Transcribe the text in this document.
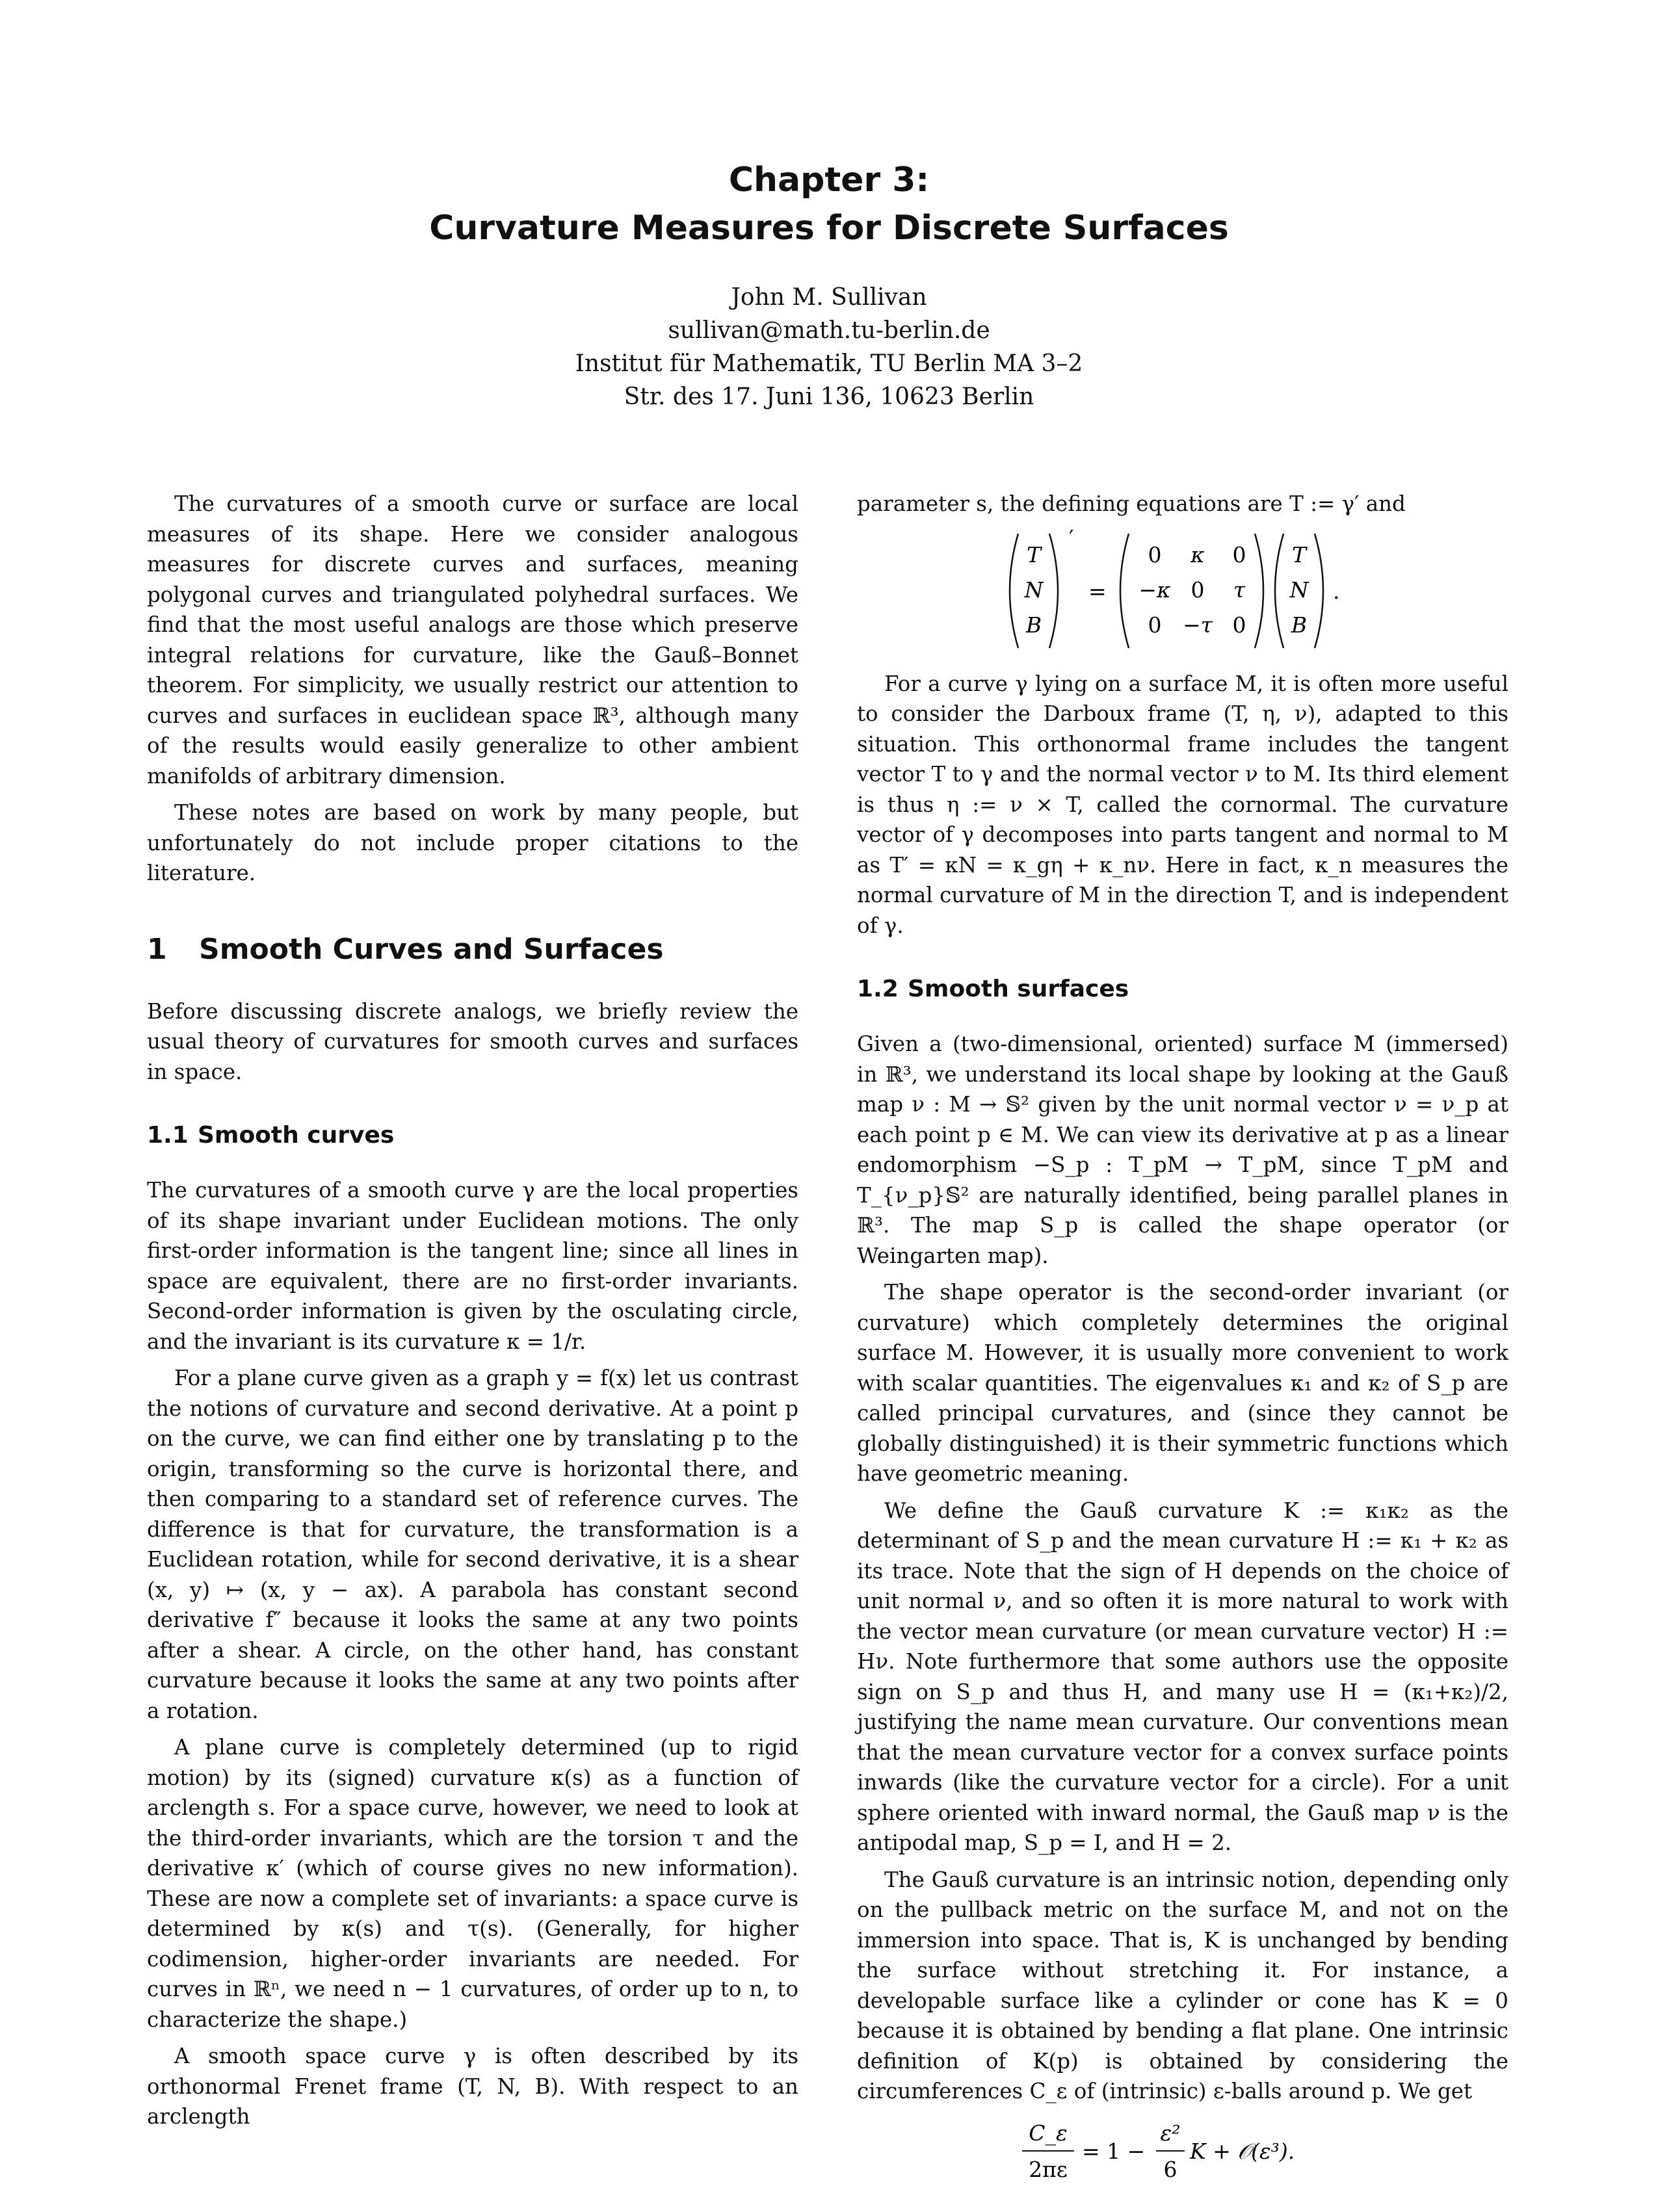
Chapter 3:
Curvature Measures for Discrete Surfaces
John M. Sullivan
sullivan@math.tu-berlin.de
Institut für Mathematik, TU Berlin MA 3–2
Str. des 17. Juni 136, 10623 Berlin

The curvatures of a smooth curve or surface are local measures of its shape. Here we consider analogous measures for discrete curves and surfaces, meaning polygonal curves and triangulated polyhedral surfaces. We find that the most useful analogs are those which preserve integral relations for curvature, like the Gauß–Bonnet theorem. For simplicity, we usually restrict our attention to curves and surfaces in euclidean space ℝ³, although many of the results would easily generalize to other ambient manifolds of arbitrary dimension.

These notes are based on work by many people, but unfortunately do not include proper citations to the literature.

1 Smooth Curves and Surfaces

Before discussing discrete analogs, we briefly review the usual theory of curvatures for smooth curves and surfaces in space.

1.1 Smooth curves

The curvatures of a smooth curve γ are the local properties of its shape invariant under Euclidean motions. The only first-order information is the tangent line; since all lines in space are equivalent, there are no first-order invariants. Second-order information is given by the osculating circle, and the invariant is its curvature κ = 1/r.

For a plane curve given as a graph y = f(x) let us contrast the notions of curvature and second derivative. At a point p on the curve, we can find either one by translating p to the origin, transforming so the curve is horizontal there, and then comparing to a standard set of reference curves. The difference is that for curvature, the transformation is a Euclidean rotation, while for second derivative, it is a shear (x, y) ↦ (x, y − ax). A parabola has constant second derivative f″ because it looks the same at any two points after a shear. A circle, on the other hand, has constant curvature because it looks the same at any two points after a rotation.

A plane curve is completely determined (up to rigid motion) by its (signed) curvature κ(s) as a function of arclength s. For a space curve, however, we need to look at the third-order invariants, which are the torsion τ and the derivative κ′ (which of course gives no new information). These are now a complete set of invariants: a space curve is determined by κ(s) and τ(s). (Generally, for higher codimension, higher-order invariants are needed. For curves in ℝⁿ, we need n − 1 curvatures, of order up to n, to characterize the shape.)

A smooth space curve γ is often described by its orthonormal Frenet frame (T, N, B). With respect to an arclength

parameter s, the defining equations are T := γ′ and

T
N
B
′
=
0 κ 0
−κ 0 τ
0 −τ 0
T
N
B
.

For a curve γ lying on a surface M, it is often more useful to consider the Darboux frame (T, η, ν), adapted to this situation. This orthonormal frame includes the tangent vector T to γ and the normal vector ν to M. Its third element is thus η := ν × T, called the cornormal. The curvature vector of γ decomposes into parts tangent and normal to M as T′ = κN = κ_gη + κ_nν. Here in fact, κ_n measures the normal curvature of M in the direction T, and is independent of γ.

1.2 Smooth surfaces

Given a (two-dimensional, oriented) surface M (immersed) in ℝ³, we understand its local shape by looking at the Gauß map ν : M → 𝕊² given by the unit normal vector ν = ν_p at each point p ∈ M. We can view its derivative at p as a linear endomorphism −S_p : T_pM → T_pM, since T_pM and T_{ν_p}𝕊² are naturally identified, being parallel planes in ℝ³. The map S_p is called the shape operator (or Weingarten map).

The shape operator is the second-order invariant (or curvature) which completely determines the original surface M. However, it is usually more convenient to work with scalar quantities. The eigenvalues κ₁ and κ₂ of S_p are called principal curvatures, and (since they cannot be globally distinguished) it is their symmetric functions which have geometric meaning.

We define the Gauß curvature K := κ₁κ₂ as the determinant of S_p and the mean curvature H := κ₁ + κ₂ as its trace. Note that the sign of H depends on the choice of unit normal ν, and so often it is more natural to work with the vector mean curvature (or mean curvature vector) H := Hν. Note furthermore that some authors use the opposite sign on S_p and thus H, and many use H = (κ₁+κ₂)/2, justifying the name mean curvature. Our conventions mean that the mean curvature vector for a convex surface points inwards (like the curvature vector for a circle). For a unit sphere oriented with inward normal, the Gauß map ν is the antipodal map, S_p = I, and H = 2.

The Gauß curvature is an intrinsic notion, depending only on the pullback metric on the surface M, and not on the immersion into space. That is, K is unchanged by bending the surface without stretching it. For instance, a developable surface like a cylinder or cone has K = 0 because it is obtained by bending a flat plane. One intrinsic definition of K(p) is obtained by considering the circumferences C_ε of (intrinsic) ε-balls around p. We get

C_ε
2πε
= 1 −
ε²
6
K + 𝒪(ε³).
